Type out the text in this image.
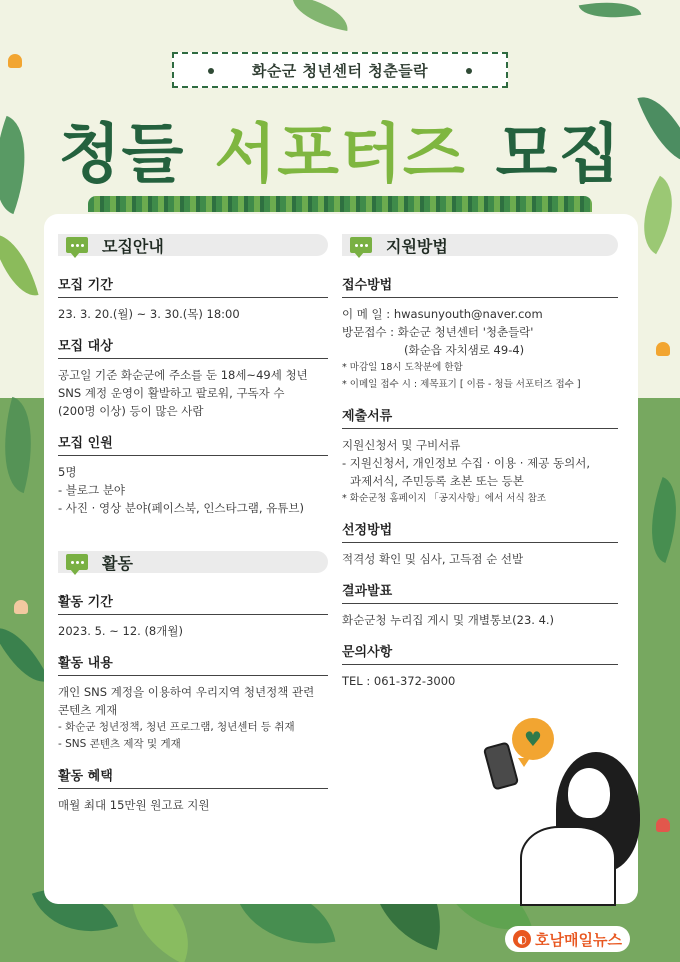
화순군 청년센터 청춘들락
청들 서포터즈 모집
모집안내
모집 기간
23. 3. 20.(월) ~ 3. 30.(목) 18:00
모집 대상
공고일 기준 화순군에 주소를 둔 18세~49세 청년
SNS 계정 운영이 활발하고 팔로워, 구독자 수
(200명 이상) 등이 많은 사람
모집 인원
5명
- 블로그 분야
- 사진 · 영상 분야(페이스북, 인스타그램, 유튜브)
활동
활동 기간
2023. 5. ~ 12. (8개월)
활동 내용
개인 SNS 계정을 이용하여 우리지역 청년정책 관련
콘텐츠 게재
- 화순군 청년정책, 청년 프로그램, 청년센터 등 취재
- SNS 콘텐츠 제작 및 게재
활동 혜택
매월 최대 15만원 원고료 지원
지원방법
접수방법
이 메 일 : hwasunyouth@naver.com
방문접수 : 화순군 청년센터 '청춘들락'
(화순읍 자치샘로 49-4)
* 마감일 18시 도착분에 한함
* 이메일 접수 시 : 제목표기 [ 이름 - 청들 서포터즈 접수 ]
제출서류
지원신청서 및 구비서류
- 지원신청서, 개인정보 수집 · 이용 · 제공 동의서,
과제서식, 주민등록 초본 또는 등본
* 화순군청 홈페이지 「공지사항」에서 서식 참조
선정방법
적격성 확인 및 심사, 고득점 순 선발
결과발표
화순군청 누리집 게시 및 개별통보(23. 4.)
문의사항
TEL : 061-372-3000
♥
◐ 호남매일뉴스
